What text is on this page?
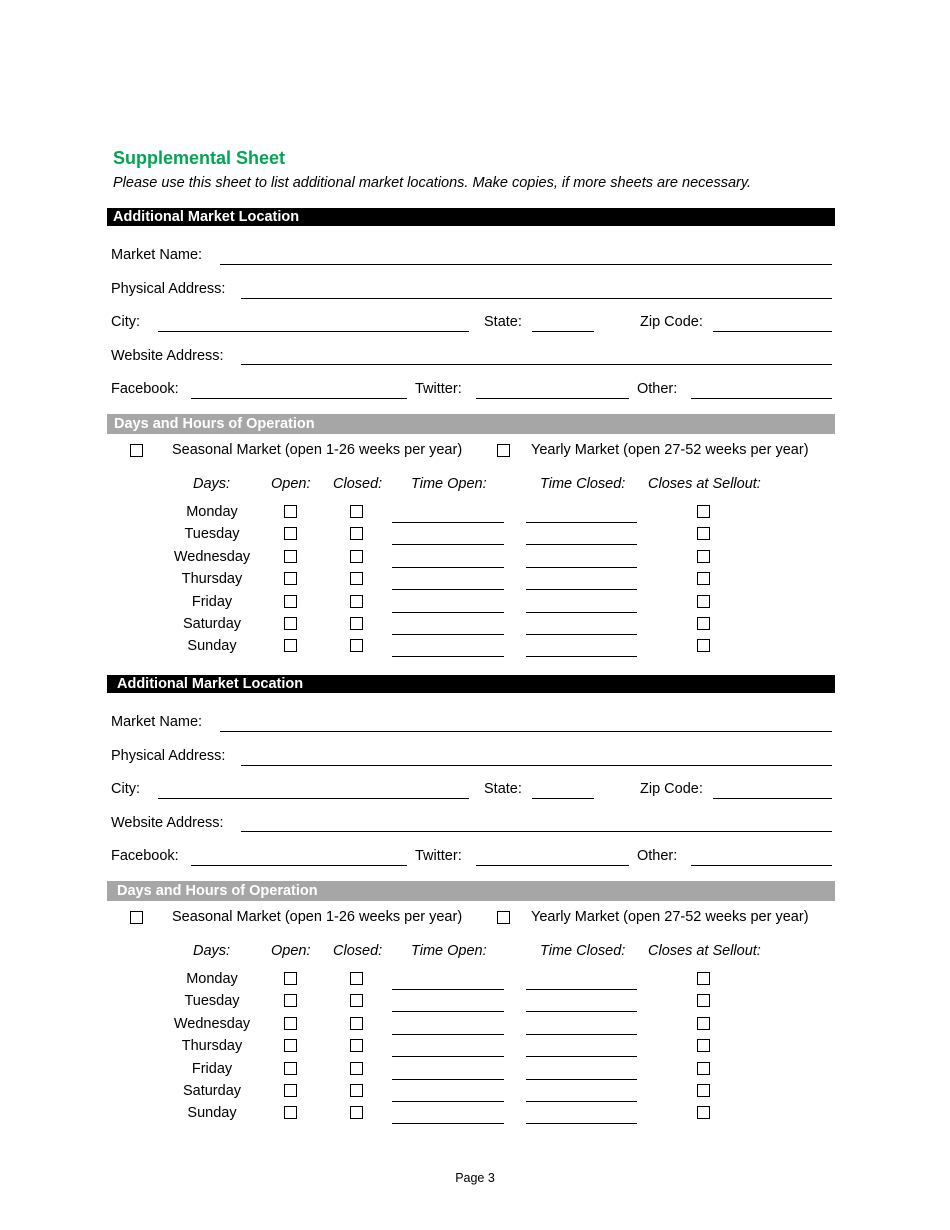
Supplemental Sheet
Please use this sheet to list additional market locations. Make copies, if more sheets are necessary.
Additional Market Location
Market Name:
Physical Address:
City:	State:	Zip Code:
Website Address:
Facebook:	Twitter:	Other:
Days and Hours of Operation
Seasonal Market (open 1-26 weeks per year)	Yearly Market (open 27-52 weeks per year)
Days:	Open: Closed: Time Open:	Time Closed: Closes at Sellout:
Monday
Tuesday
Wednesday
Thursday
Friday
Saturday
Sunday
Additional Market Location
Market Name:
Physical Address:
City:	State:	Zip Code:
Website Address:
Facebook:	Twitter:	Other:
Days and Hours of Operation
Seasonal Market (open 1-26 weeks per year)	Yearly Market (open 27-52 weeks per year)
Days:	Open: Closed: Time Open:	Time Closed: Closes at Sellout:
Monday
Tuesday
Wednesday
Thursday
Friday
Saturday
Sunday
Page 3
